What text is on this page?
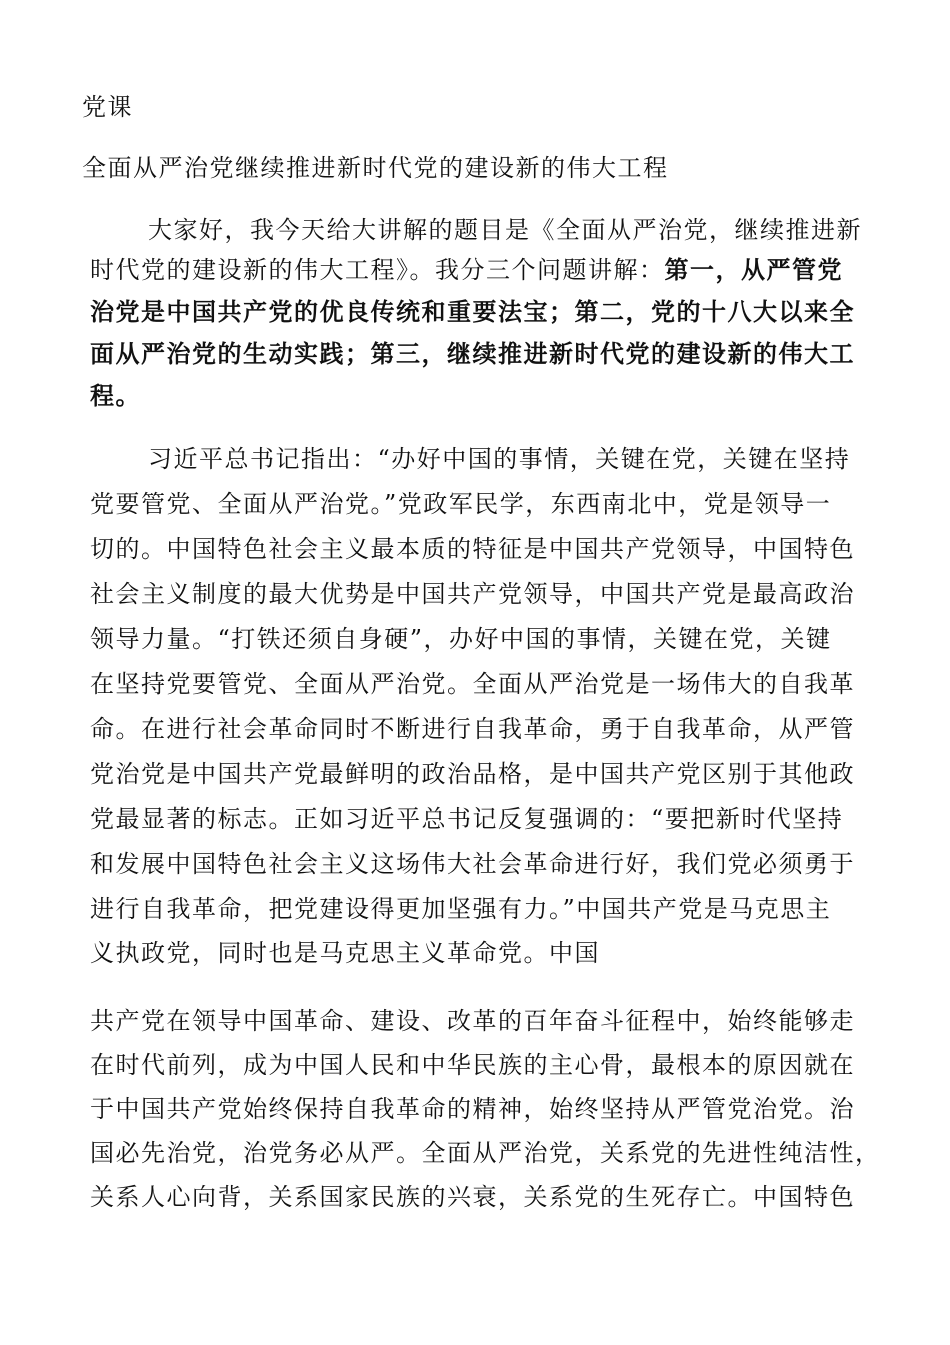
党课

全面从严治党继续推进新时代党的建设新的伟大工程

大家好，我今天给大讲解的题目是《全面从严治党，继续推进新

时代党的建设新的伟大工程》。我分三个问题讲解：第一，从严管党

治党是中国共产党的优良传统和重要法宝；第二，党的十八大以来全

面从严治党的生动实践；第三，继续推进新时代党的建设新的伟大工

程。

习近平总书记指出：“办好中国的事情，关键在党，关键在坚持

党要管党、全面从严治党。”党政军民学，东西南北中，党是领导一

切的。中国特色社会主义最本质的特征是中国共产党领导，中国特色

社会主义制度的最大优势是中国共产党领导，中国共产党是最高政治

领导力量。“打铁还须自身硬”，办好中国的事情，关键在党，关键

在坚持党要管党、全面从严治党。全面从严治党是一场伟大的自我革

命。在进行社会革命同时不断进行自我革命，勇于自我革命，从严管

党治党是中国共产党最鲜明的政治品格，是中国共产党区别于其他政

党最显著的标志。正如习近平总书记反复强调的：“要把新时代坚持

和发展中国特色社会主义这场伟大社会革命进行好，我们党必须勇于

进行自我革命，把党建设得更加坚强有力。”中国共产党是马克思主

义执政党，同时也是马克思主义革命党。中国

共产党在领导中国革命、建设、改革的百年奋斗征程中，始终能够走

在时代前列，成为中国人民和中华民族的主心骨，最根本的原因就在

于中国共产党始终保持自我革命的精神，始终坚持从严管党治党。治

国必先治党，治党务必从严。全面从严治党，关系党的先进性纯洁性，

关系人心向背，关系国家民族的兴衰，关系党的生死存亡。中国特色
